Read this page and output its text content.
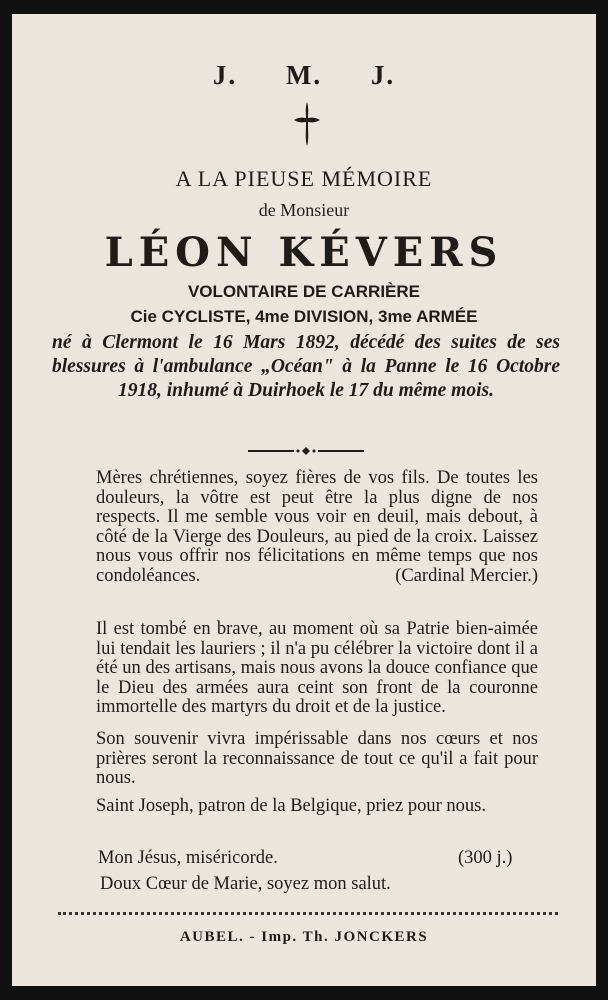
J. M. J.
A LA PIEUSE MÉMOIRE
de Monsieur
LÉON KÉVERS
VOLONTAIRE DE CARRIÈRE
Cie CYCLISTE, 4me DIVISION, 3me ARMÉE
né à Clermont le 16 Mars 1892, décédé des suites de ses blessures à l'ambulance „Océan" à la Panne le 16 Octobre 1918, inhumé à Duirhoek le 17 du même mois.

Mères chrétiennes, soyez fières de vos fils. De toutes les douleurs, la vôtre est peut être la plus digne de nos respects. Il me semble vous voir en deuil, mais debout, à côté de la Vierge des Douleurs, au pied de la croix. Laissez nous vous offrir nos félicitations en même temps que nos condoléances.	(Cardinal Mercier.)

Il est tombé en brave, au moment où sa Patrie bien-aimée lui tendait les lauriers ; il n'a pu célébrer la victoire dont il a été un des artisans, mais nous avons la douce confiance que le Dieu des armées aura ceint son front de la couronne immortelle des martyrs du droit et de la justice.

Son souvenir vivra impérissable dans nos cœurs et nos prières seront la reconnaissance de tout ce qu'il a fait pour nous.

Saint Joseph, patron de la Belgique, priez pour nous.

Mon Jésus, miséricorde.	(300 j.)
Doux Cœur de Marie, soyez mon salut.
AUBEL. - Imp. Th. JONCKERS
